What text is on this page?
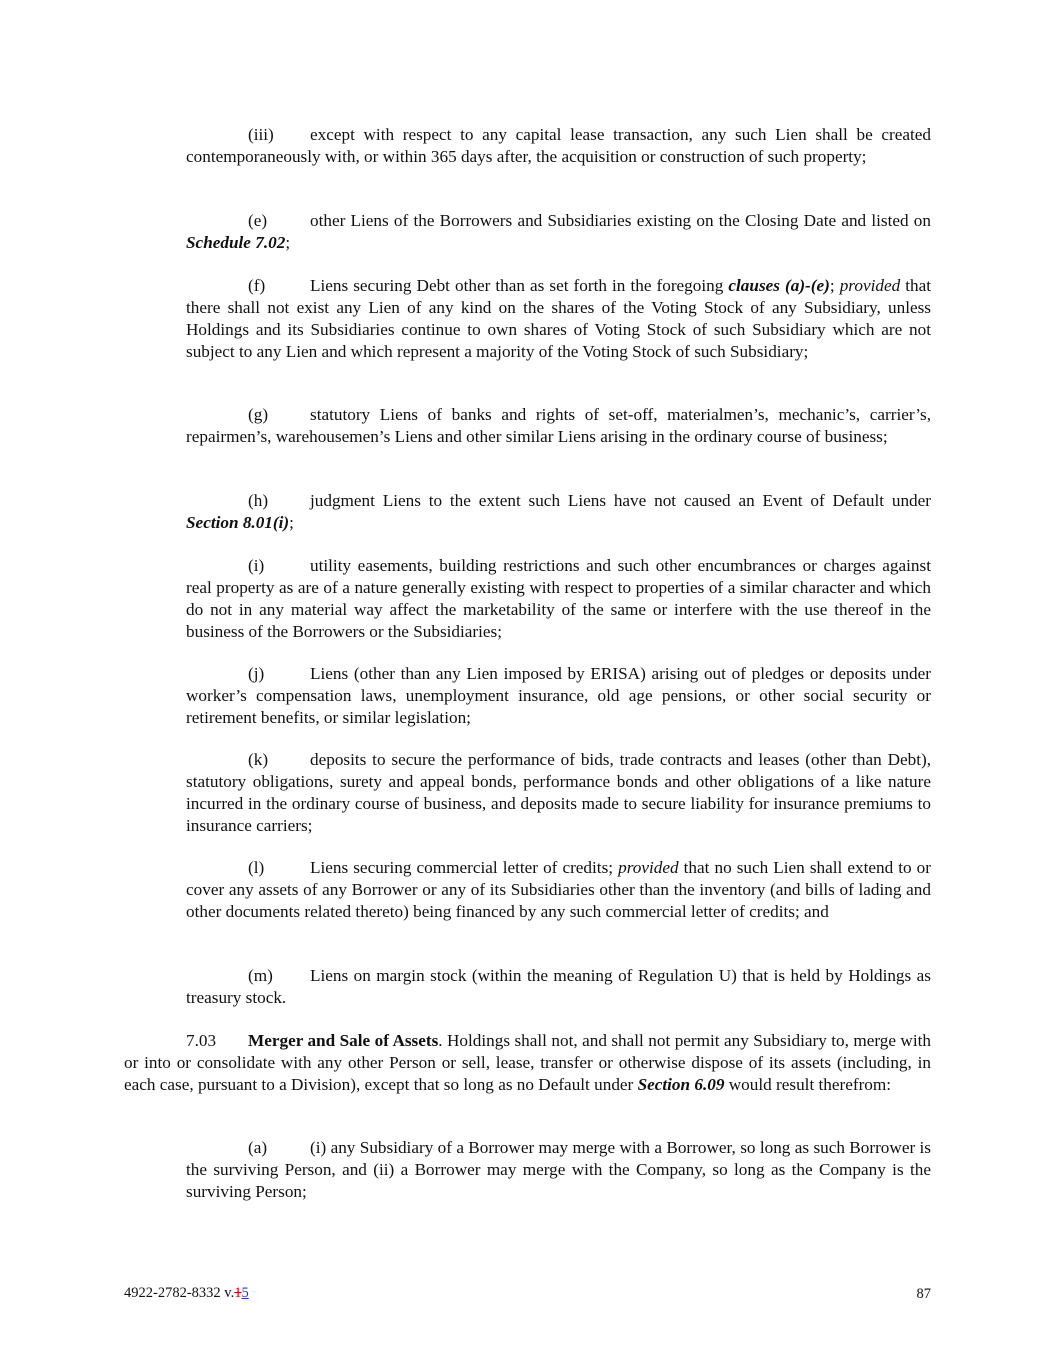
(iii) except with respect to any capital lease transaction, any such Lien shall be created contemporaneously with, or within 365 days after, the acquisition or construction of such property;

(e) other Liens of the Borrowers and Subsidiaries existing on the Closing Date and listed on Schedule 7.02;

(f)	Liens securing Debt other than as set forth in the foregoing clauses (a)-(e); provided that there shall not exist any Lien of any kind on the shares of the Voting Stock of any Subsidiary, unless Holdings and its Subsidiaries continue to own shares of Voting Stock of such Subsidiary which are not subject to any Lien and which represent a majority of the Voting Stock of such Subsidiary;

(g) statutory Liens of banks and rights of set-off, materialmen’s, mechanic’s, carrier’s, repairmen’s, warehousemen’s Liens and other similar Liens arising in the ordinary course of business;

(h) judgment Liens to the extent such Liens have not caused an Event of Default under Section 8.01(i);

(i)	utility easements, building restrictions and such other encumbrances or charges against real property as are of a nature generally existing with respect to properties of a similar character and which do not in any material way affect the marketability of the same or interfere with the use thereof in the business of the Borrowers or the Subsidiaries;

(j)	Liens (other than any Lien imposed by ERISA) arising out of pledges or deposits under worker’s compensation laws, unemployment insurance, old age pensions, or other social security or retirement benefits, or similar legislation;

(k) deposits to secure the performance of bids, trade contracts and leases (other than Debt), statutory obligations, surety and appeal bonds, performance bonds and other obligations of a like nature incurred in the ordinary course of business, and deposits made to secure liability for insurance premiums to insurance carriers;

(l)	Liens securing commercial letter of credits; provided that no such Lien shall extend to or cover any assets of any Borrower or any of its Subsidiaries other than the inventory (and bills of lading and other documents related thereto) being financed by any such commercial letter of credits; and

(m) Liens on margin stock (within the meaning of Regulation U) that is held by Holdings as treasury stock.

7.03 Merger and Sale of Assets. Holdings shall not, and shall not permit any Subsidiary to, merge with or into or consolidate with any other Person or sell, lease, transfer or otherwise dispose of its assets (including, in each case, pursuant to a Division), except that so long as no Default under Section 6.09 would result therefrom:

(a) (i) any Subsidiary of a Borrower may merge with a Borrower, so long as such Borrower is the surviving Person, and (ii) a Borrower may merge with the Company, so long as the Company is the surviving Person;

4922-2782-8332 v.15	87
